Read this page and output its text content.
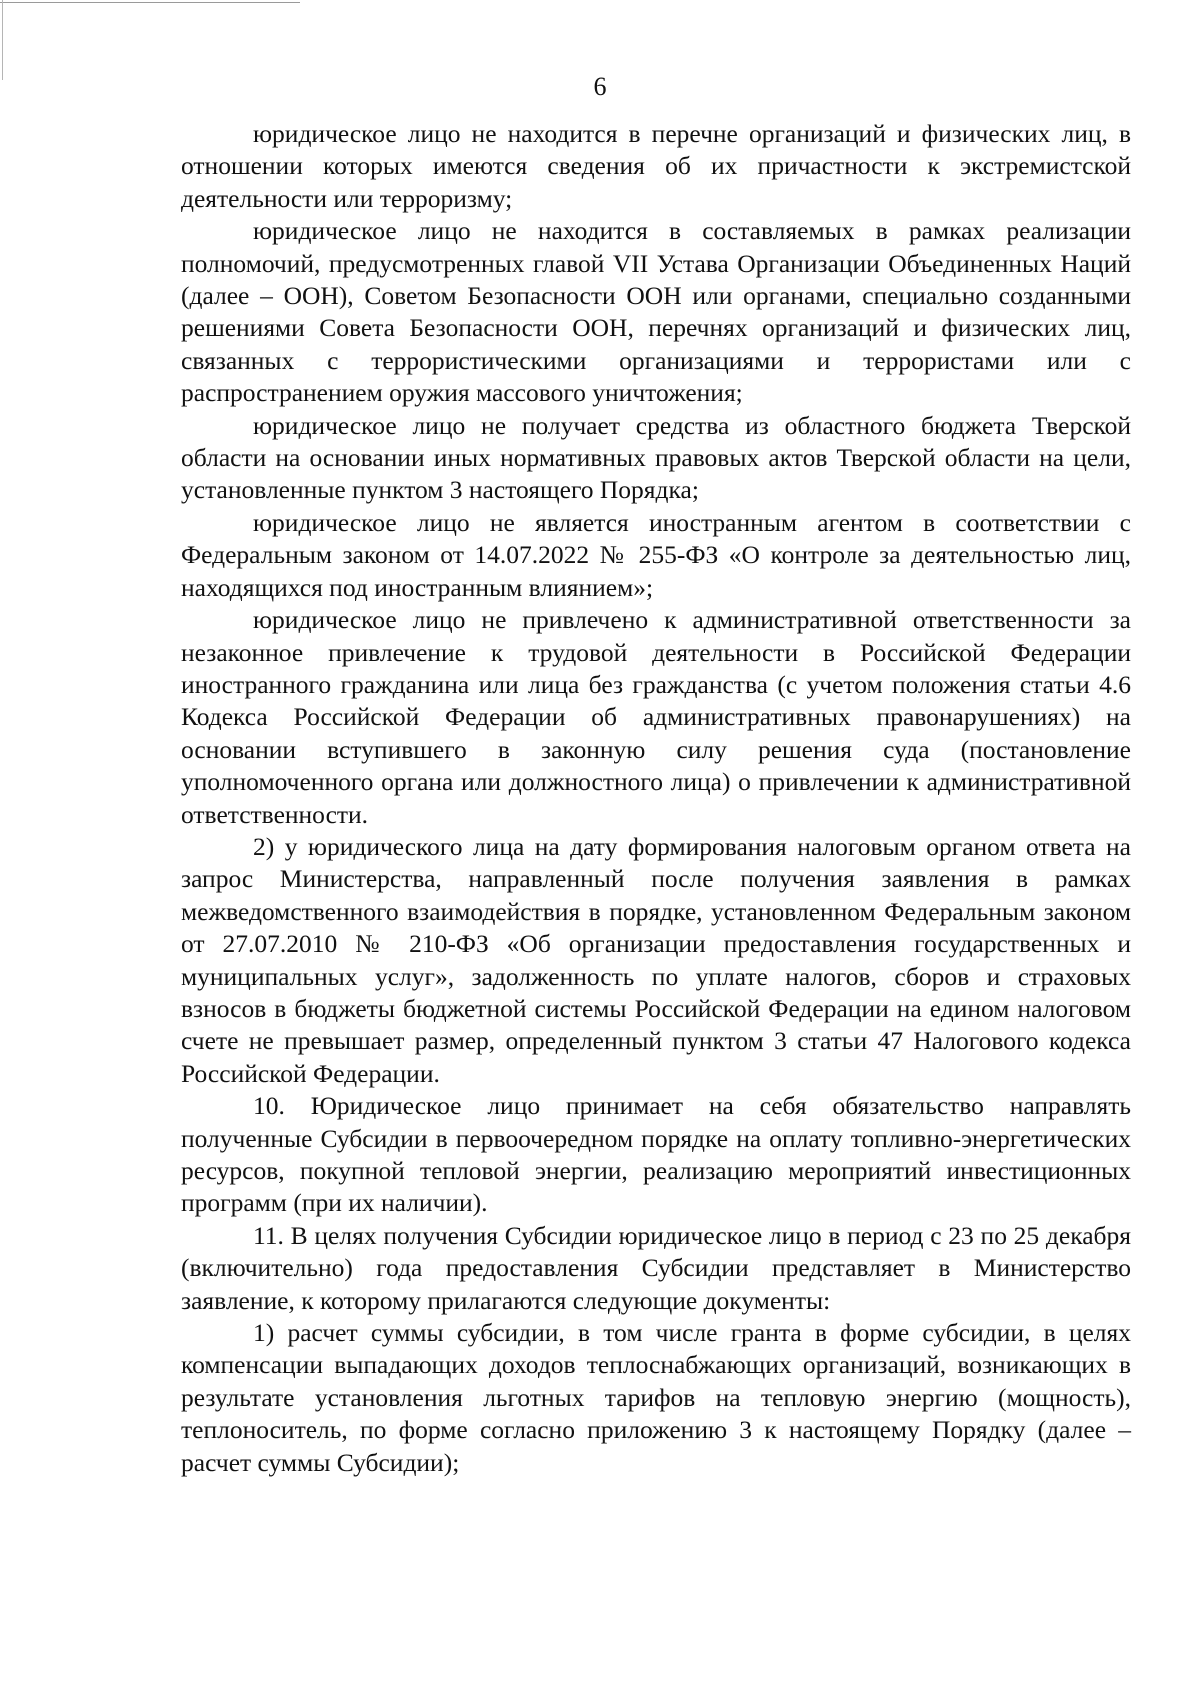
6

юридическое лицо не находится в перечне организаций и физических лиц, в отношении которых имеются сведения об их причастности к экстремистской деятельности или терроризму;

юридическое лицо не находится в составляемых в рамках реализации полномочий, предусмотренных главой VII Устава Организации Объединенных Наций (далее – ООН), Советом Безопасности ООН или органами, специально созданными решениями Совета Безопасности ООН, перечнях организаций и физических лиц, связанных с террористическими организациями и террористами или с распространением оружия массового уничтожения;

юридическое лицо не получает средства из областного бюджета Тверской области на основании иных нормативных правовых актов Тверской области на цели, установленные пунктом 3 настоящего Порядка;

юридическое лицо не является иностранным агентом в соответствии с Федеральным законом от 14.07.2022 № 255-ФЗ «О контроле за деятельностью лиц, находящихся под иностранным влиянием»;

юридическое лицо не привлечено к административной ответственности за незаконное привлечение к трудовой деятельности в Российской Федерации иностранного гражданина или лица без гражданства (с учетом положения статьи 4.6 Кодекса Российской Федерации об административных правонарушениях) на основании вступившего в законную силу решения суда (постановление уполномоченного органа или должностного лица) о привлечении к административной ответственности.

2) у юридического лица на дату формирования налоговым органом ответа на запрос Министерства, направленный после получения заявления в рамках межведомственного взаимодействия в порядке, установленном Федеральным законом от 27.07.2010 № 210-ФЗ «Об организации предоставления государственных и муниципальных услуг», задолженность по уплате налогов, сборов и страховых взносов в бюджеты бюджетной системы Российской Федерации на едином налоговом счете не превышает размер, определенный пунктом 3 статьи 47 Налогового кодекса Российской Федерации.

10. Юридическое лицо принимает на себя обязательство направлять полученные Субсидии в первоочередном порядке на оплату топливно-энергетических ресурсов, покупной тепловой энергии, реализацию мероприятий инвестиционных программ (при их наличии).

11. В целях получения Субсидии юридическое лицо в период с 23 по 25 декабря (включительно) года предоставления Субсидии представляет в Министерство заявление, к которому прилагаются следующие документы:

1) расчет суммы субсидии, в том числе гранта в форме субсидии, в целях компенсации выпадающих доходов теплоснабжающих организаций, возникающих в результате установления льготных тарифов на тепловую энергию (мощность), теплоноситель, по форме согласно приложению 3 к настоящему Порядку (далее – расчет суммы Субсидии);
